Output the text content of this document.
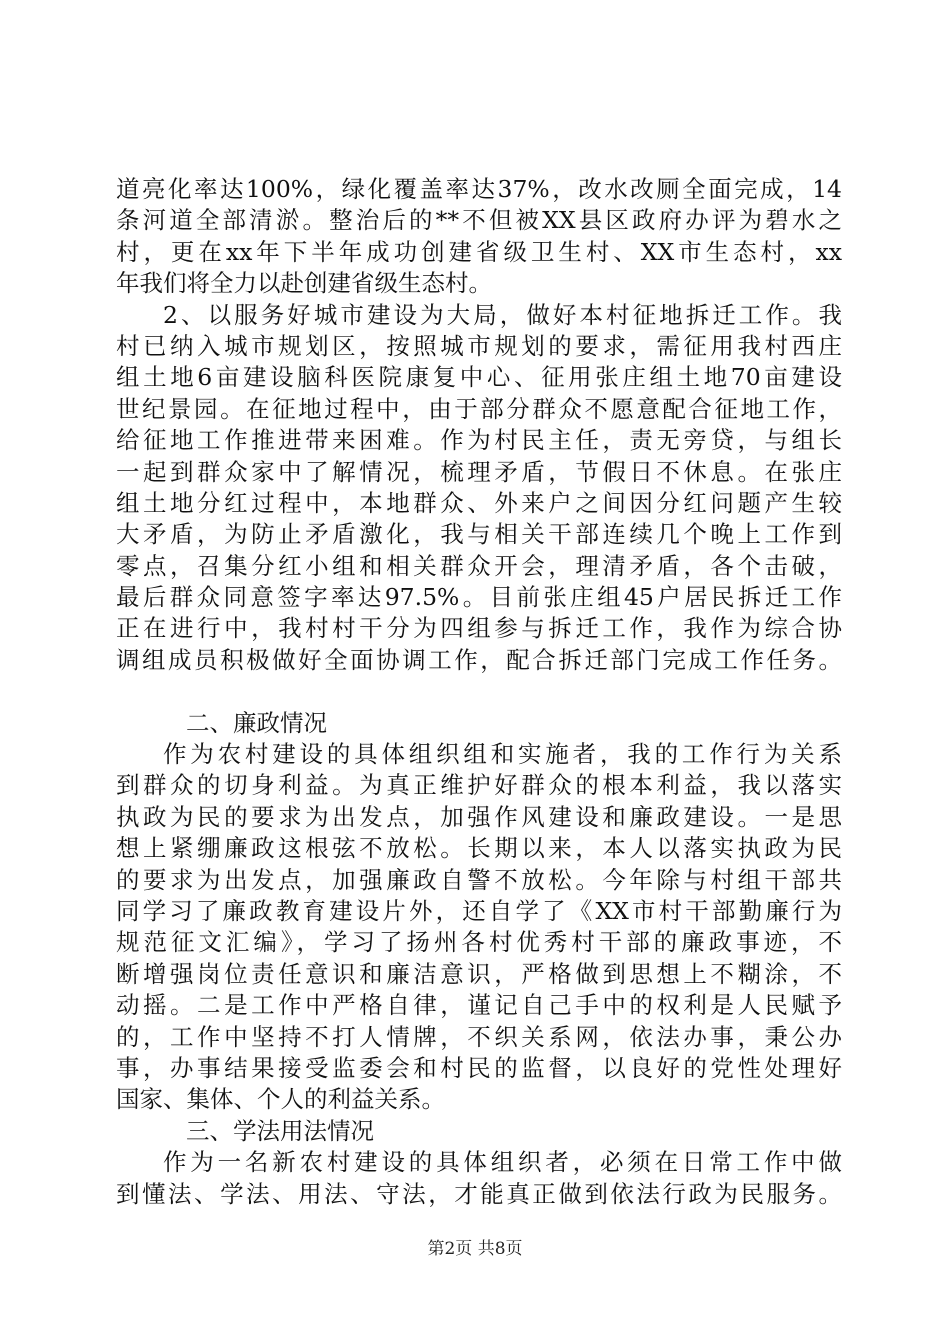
道亮化率达100%，绿化覆盖率达37%，改水改厕全面完成，14
条河道全部清淤。整治后的**不但被XX县区政府办评为碧水之
村，更在xx年下半年成功创建省级卫生村、XX市生态村，xx
年我们将全力以赴创建省级生态村。
2、以服务好城市建设为大局，做好本村征地拆迁工作。我
村已纳入城市规划区，按照城市规划的要求，需征用我村西庄
组土地6亩建设脑科医院康复中心、征用张庄组土地70亩建设
世纪景园。在征地过程中，由于部分群众不愿意配合征地工作，
给征地工作推进带来困难。作为村民主任，责无旁贷，与组长
一起到群众家中了解情况，梳理矛盾，节假日不休息。在张庄
组土地分红过程中，本地群众、外来户之间因分红问题产生较
大矛盾，为防止矛盾激化，我与相关干部连续几个晚上工作到
零点，召集分红小组和相关群众开会，理清矛盾，各个击破，
最后群众同意签字率达97.5%。目前张庄组45户居民拆迁工作
正在进行中，我村村干分为四组参与拆迁工作，我作为综合协
调组成员积极做好全面协调工作，配合拆迁部门完成工作任务。
二、廉政情况
作为农村建设的具体组织组和实施者，我的工作行为关系
到群众的切身利益。为真正维护好群众的根本利益，我以落实
执政为民的要求为出发点，加强作风建设和廉政建设。一是思
想上紧绷廉政这根弦不放松。长期以来，本人以落实执政为民
的要求为出发点，加强廉政自警不放松。今年除与村组干部共
同学习了廉政教育建设片外，还自学了《XX市村干部勤廉行为
规范征文汇编》，学习了扬州各村优秀村干部的廉政事迹，不
断增强岗位责任意识和廉洁意识，严格做到思想上不糊涂，不
动摇。二是工作中严格自律，谨记自己手中的权利是人民赋予
的，工作中坚持不打人情牌，不织关系网，依法办事，秉公办
事，办事结果接受监委会和村民的监督，以良好的党性处理好
国家、集体、个人的利益关系。
三、学法用法情况
作为一名新农村建设的具体组织者，必须在日常工作中做
到懂法、学法、用法、守法，才能真正做到依法行政为民服务。
第2页 共8页
